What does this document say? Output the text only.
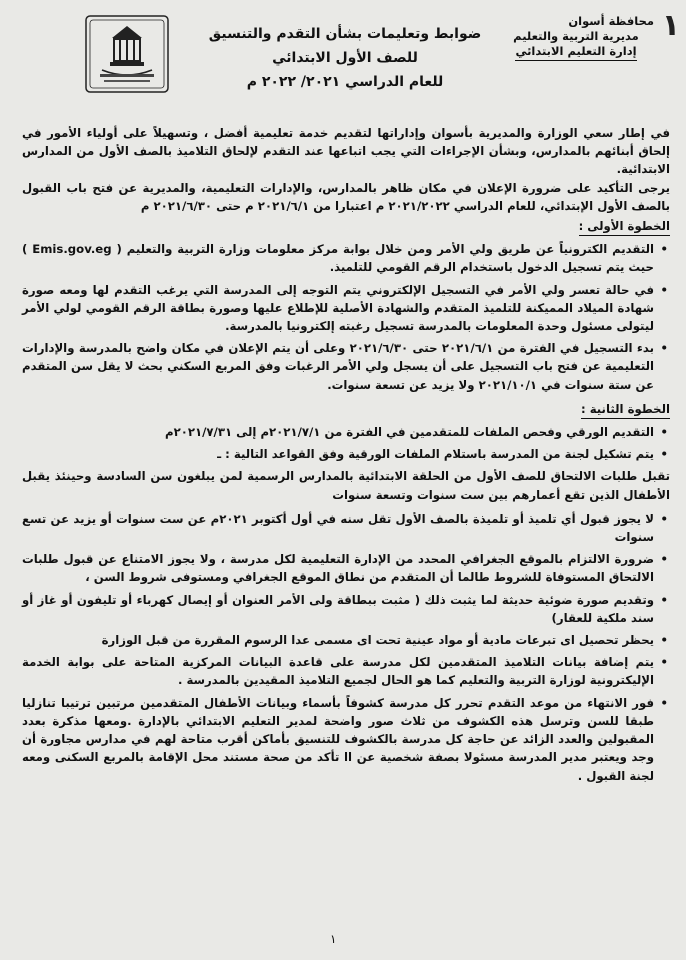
١
محافظة أسوان
مديرية التربية والتعليم
إدارة التعليم الابتدائي
ضوابط وتعليمات بشأن التقدم والتنسيق
للصف الأول الابتدائي
للعام الدراسي ٢٠٢١/ ٢٠٢٢ م

في إطار سعي الوزارة والمديرية بأسوان وإداراتها لتقديم خدمة تعليمية أفضل ، وتسهيلاً على أولياء الأمور في إلحاق أبنائهم بالمدارس، وبشأن الإجراءات التي يجب اتباعها عند التقدم لإلحاق التلاميذ بالصف الأول من المدارس الابتدائية.

يرجى التأكيد على ضرورة الإعلان في مكان ظاهر بالمدارس، والإدارات التعليمية، والمديرية عن فتح باب القبول بالصف الأول الإبتدائي، للعام الدراسي ٢٠٢١/٢٠٢٢ م اعتبارا من ٢٠٢١/٦/١ م حتى ٢٠٢١/٦/٣٠ م

الخطوة الأولى :
• التقديم الكترونياً عن طريق ولي الأمر ومن خلال بوابة مركز معلومات وزارة التربية والتعليم ( Emis.gov.eg ) حيث يتم تسجيل الدخول باستخدام الرقم القومي للتلميذ.
• في حالة تعسر ولي الأمر في التسجيل الإلكتروني يتم التوجه إلى المدرسة التي يرغب التقدم لها ومعه صورة شهادة الميلاد المميكنة للتلميذ المتقدم والشهادة الأصلية للإطلاع عليها وصورة بطاقة الرقم القومي لولي الأمر ليتولى مسئول وحدة المعلومات بالمدرسة تسجيل رغبته إلكترونيا بالمدرسة.
• بدء التسجيل في الفترة من ٢٠٢١/٦/١ حتى ٢٠٢١/٦/٣٠ وعلى أن يتم الإعلان في مكان واضح بالمدرسة والإدارات التعليمية عن فتح باب التسجيل على أن يسجل ولي الأمر الرغبات وفق المربع السكني بحث لا يقل سن المتقدم عن ستة سنوات في ٢٠٢١/١٠/١ ولا يزيد عن تسعة سنوات.
الخطوة الثانية :
• التقديم الورقي وفحص الملفات للمتقدمين في الفترة من ٢٠٢١/٧/١م إلى ٢٠٢١/٧/٣١م
• يتم تشكيل لجنة من المدرسة باستلام الملفات الورقية وفق القواعد التالية : ـ

تقبل طلبات الالتحاق للصف الأول من الحلقة الابتدائية بالمدارس الرسمية لمن يبلغون سن السادسة وحينئذ يقبل الأطفال الذين تقع أعمارهم بين ست سنوات وتسعة سنوات

• لا يجوز قبول أي تلميذ أو تلميذة بالصف الأول تقل سنه في أول أكتوبر ٢٠٢١م عن ست سنوات أو يزيد عن تسع سنوات
• ضرورة الالتزام بالموقع الجغرافي المحدد من الإدارة التعليمية لكل مدرسة ، ولا يجوز الامتناع عن قبول طلبات الالتحاق المستوفاة للشروط طالما أن المتقدم من نطاق الموقع الجغرافي ومستوفى شروط السن ،
• وتقديم صورة ضوئية حديثة لما يثبت ذلك ( مثبت ببطاقة ولى الأمر العنوان أو إيصال كهرباء أو تليفون أو غاز أو سند ملكية للعقار)
• يحظر تحصيل اى تبرعات مادية أو مواد عينية تحت اى مسمى عدا الرسوم المقررة من قبل الوزارة
• يتم إضافة بيانات التلاميذ المتقدمين لكل مدرسة على قاعدة البيانات المركزية المتاحة على بوابة الخدمة الإليكترونية لوزارة التربية والتعليم كما هو الحال لجميع التلاميذ المقيدين بالمدرسة .
• فور الانتهاء من موعد التقدم تحرر كل مدرسة كشوفاً بأسماء وبيانات الأطفال المتقدمين مرتبين ترتيبا تنازليا طبقا للسن وترسل هذه الكشوف من ثلاث صور واضحة لمدير التعليم الابتدائي بالإدارة .ومعها مذكرة بعدد المقبولين والعدد الزائد عن حاجة كل مدرسة بالكشوف للتنسيق بأماكن أقرب متاحة لهم في مدارس مجاورة أن وجد ويعتبر مدير المدرسة مسئولا بصفة شخصية عن اا تأكد من صحة مستند محل الإقامة بالمربع السكنى ومعه لجنة القبول .
١
